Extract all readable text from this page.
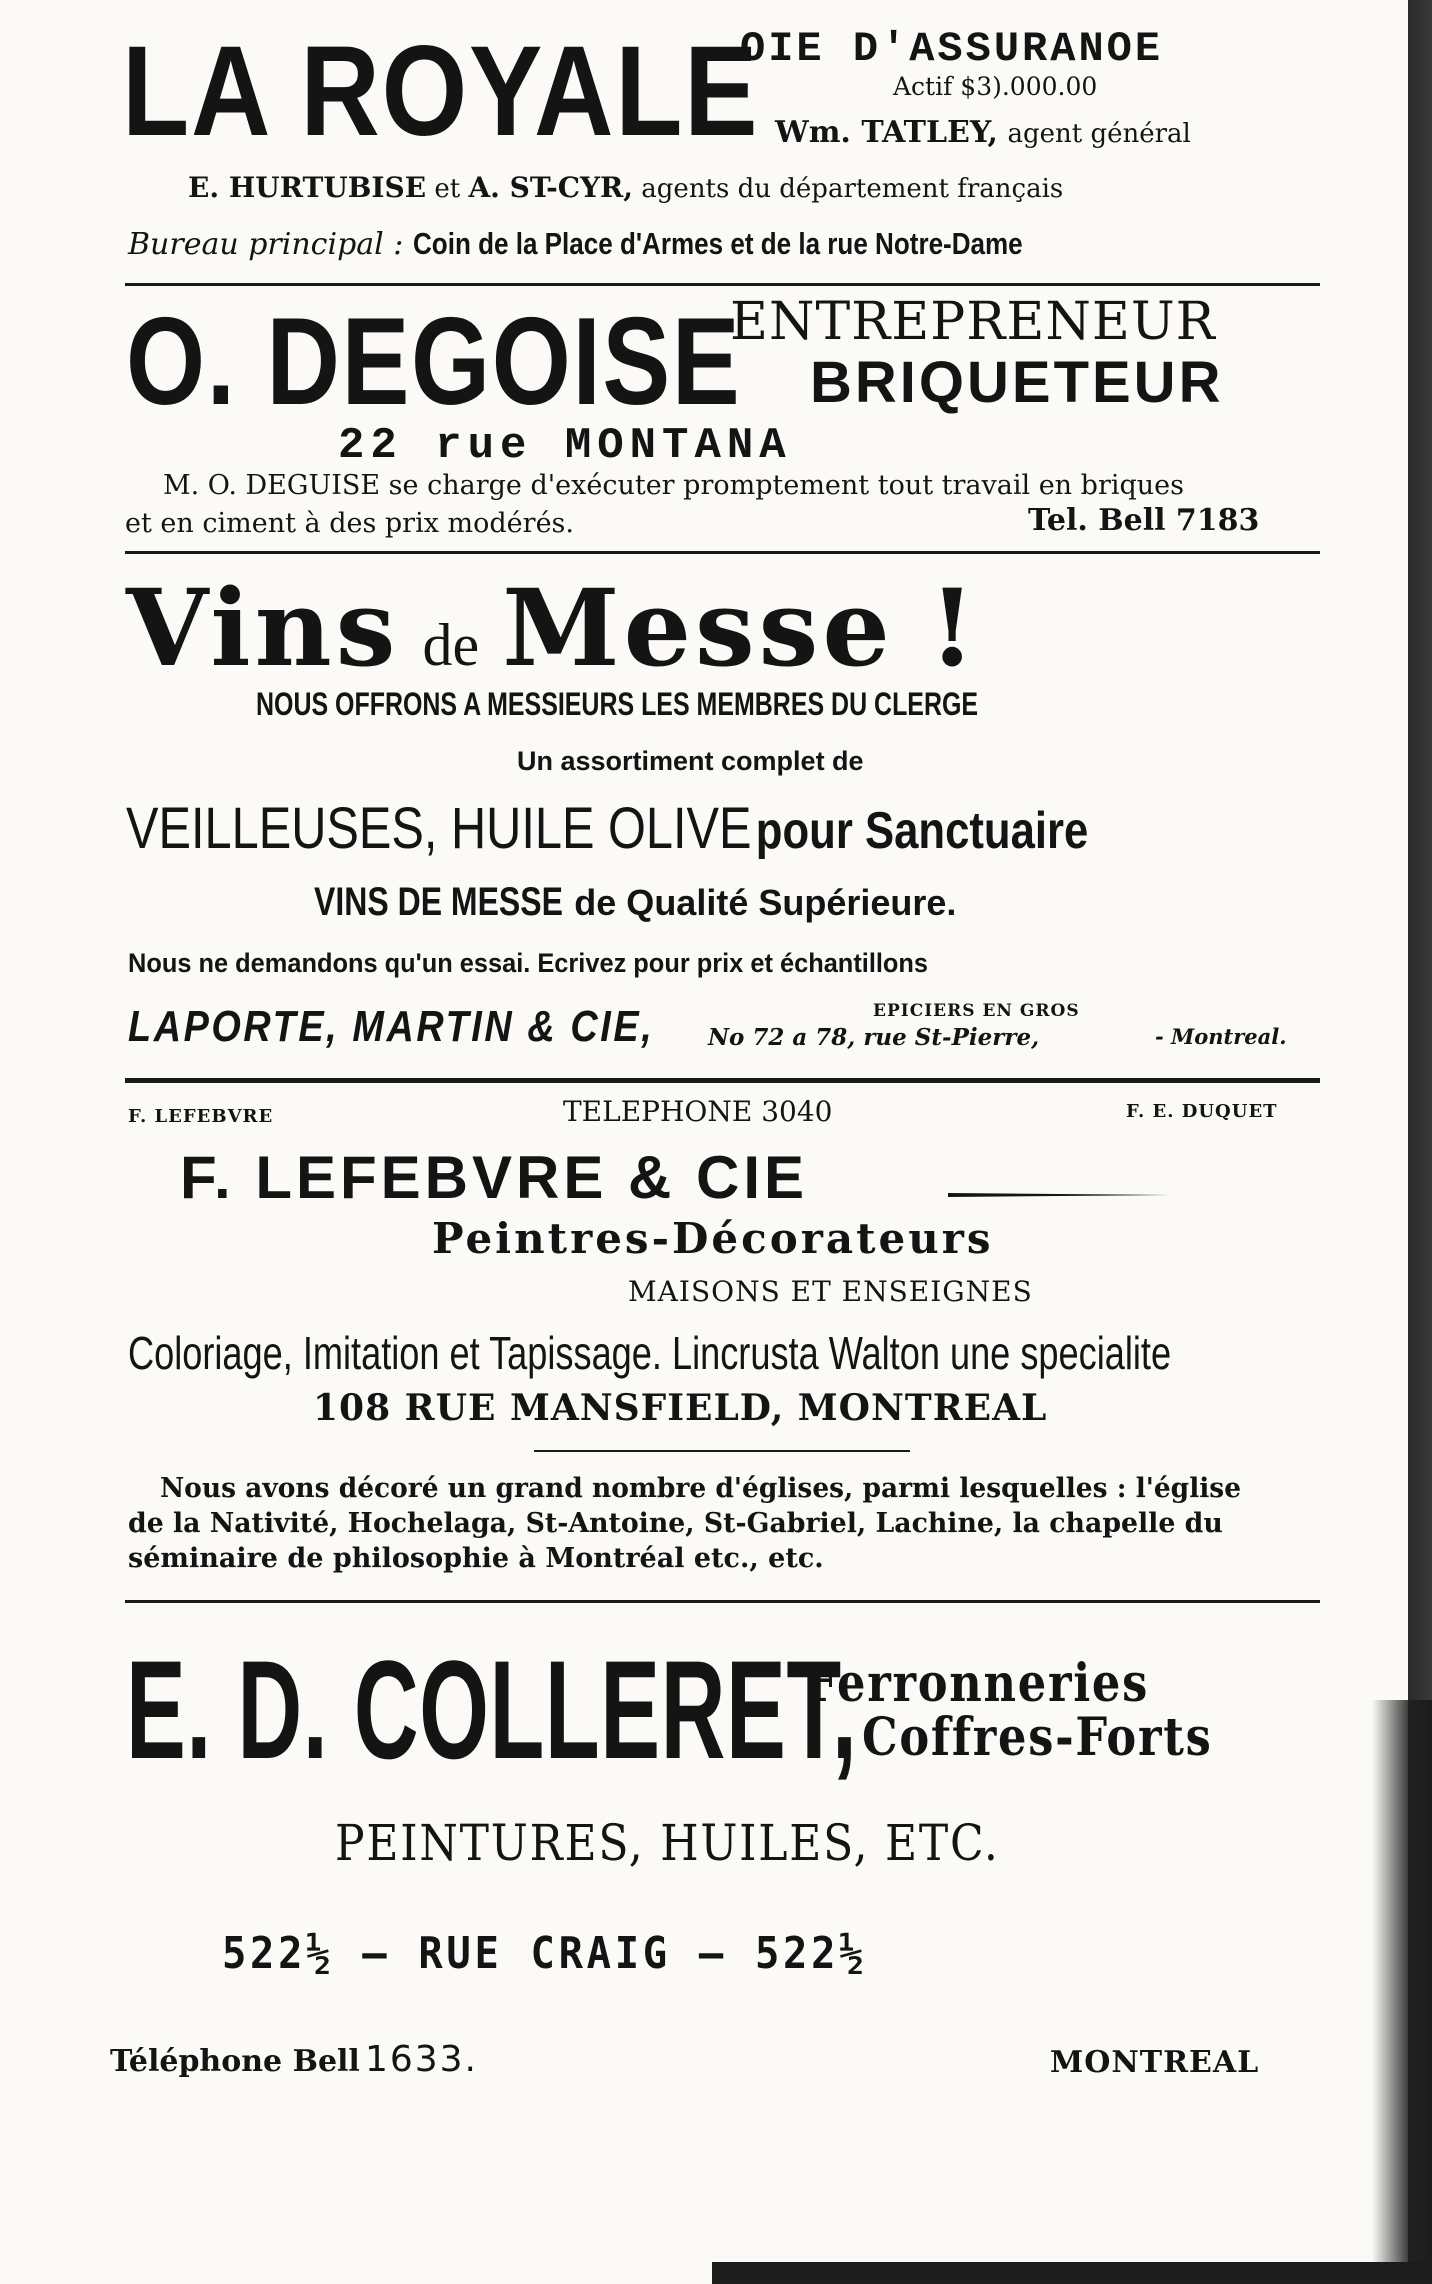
LA ROYALE
OIE D'ASSURANOE
Actif $3).000.00
Wm. TATLEY, agent général
E. HURTUBISE et A. ST-CYR, agents du département français
Bureau principal : Coin de la Place d'Armes et de la rue Notre-Dame
O. DEGOISE
ENTREPRENEUR
BRIQUETEUR
22 rue MONTANA
M. O. DEGUISE se charge d'exécuter promptement tout travail en briques
et en ciment à des prix modérés.	Tel. Bell 7183
Vins de Messe !
NOUS OFFRONS A MESSIEURS LES MEMBRES DU CLERGE
Un assortiment complet de
VEILLEUSES, HUILE OLIVE pour Sanctuaire
VINS DE MESSE de Qualité Supérieure.
Nous ne demandons qu'un essai. Ecrivez pour prix et échantillons
LAPORTE, MARTIN & CIE,	EPICIERS EN GROS
No 72 a 78, rue St-Pierre,	- Montreal.
F. LEFEBVRE	TELEPHONE 3040	F. E. DUQUET
F. LEFEBVRE & CIE
Peintres-Décorateurs
MAISONS ET ENSEIGNES
Coloriage, Imitation et Tapissage. Lincrusta Walton une specialite
108 RUE MANSFIELD, MONTREAL
Nous avons décoré un grand nombre d'églises, parmi lesquelles : l'église
de la Nativité, Hochelaga, St-Antoine, St-Gabriel, Lachine, la chapelle du
séminaire de philosophie à Montréal etc., etc.
E. D. COLLERET,
Ferronneries
Coffres-Forts
PEINTURES, HUILES, ETC.
522½ — RUE CRAIG — 522½
Téléphone Bell 1633.	MONTREAL
